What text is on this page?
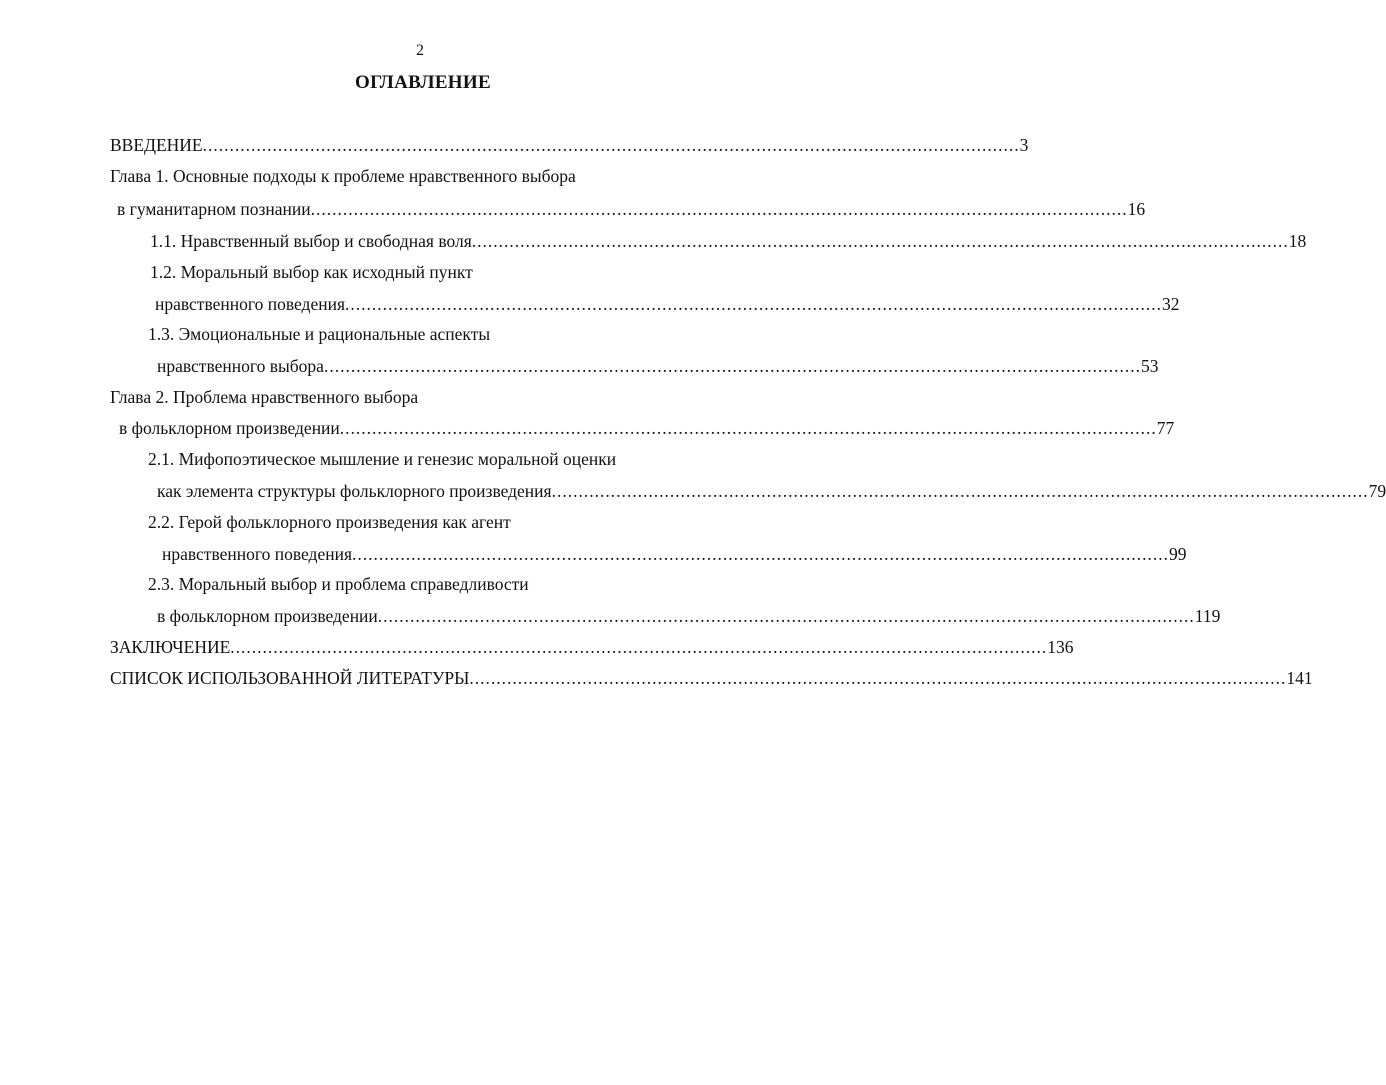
2
ОГЛАВЛЕНИЕ
ВВЕДЕНИЕ ........................................................................................................................................................ 3
Глава 1. Основные подходы к проблеме нравственного выбора
в гуманитарном познании ........................................................................................................................................................ 16
1.1. Нравственный выбор и свободная воля ........................................................................................................................................................ 18
1.2. Моральный выбор как исходный пункт
нравственного поведения ........................................................................................................................................................ 32
1.3. Эмоциональные и рациональные аспекты
нравственного выбора ........................................................................................................................................................ 53
Глава 2. Проблема нравственного выбора
в фольклорном произведении ........................................................................................................................................................ 77
2.1. Мифопоэтическое мышление и генезис моральной оценки
как элемента структуры фольклорного произведения ........................................................................................................................................................ 79
2.2. Герой фольклорного произведения как агент
нравственного поведения ........................................................................................................................................................ 99
2.3. Моральный выбор и проблема справедливости
в фольклорном произведении ........................................................................................................................................................ 119
ЗАКЛЮЧЕНИЕ ........................................................................................................................................................ 136
СПИСОК ИСПОЛЬЗОВАННОЙ ЛИТЕРАТУРЫ ........................................................................................................................................................ 141
